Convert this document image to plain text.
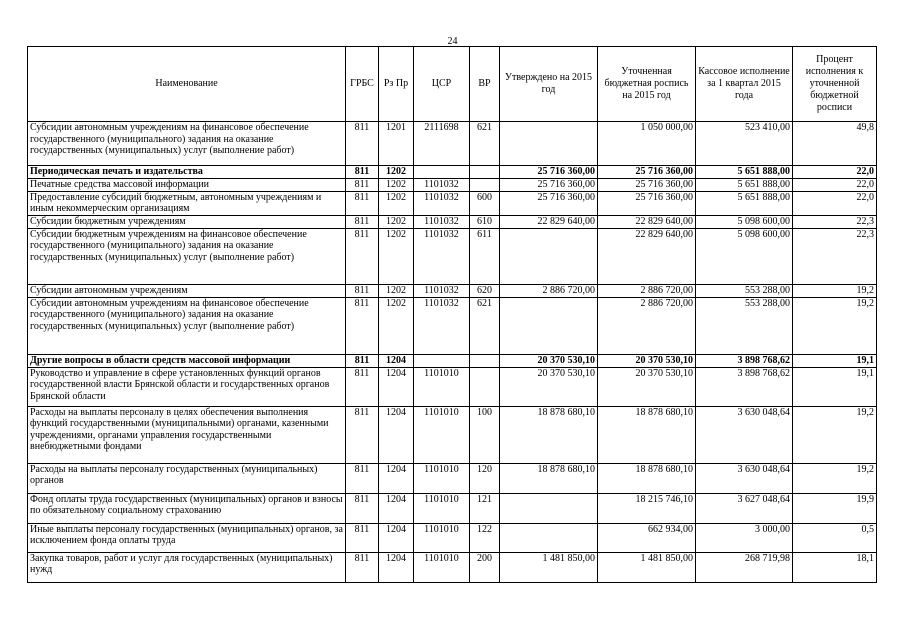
24
Наименование	ГРБС	Рз Пр	ЦСР	ВР	Утверждено на 2015 год	Уточненная бюджетная роспись на 2015 год	Кассовое исполнение за 1 квартал 2015 года	Процент исполнения к уточненной бюджетной росписи
Субсидии автономным учреждениям на финансовое обеспечение государственного (муниципального) задания на оказание государственных (муниципальных) услуг (выполнение работ)	811	1201	2111698	621		1 050 000,00	523 410,00	49,8
Периодическая печать и издательства	811	1202			25 716 360,00	25 716 360,00	5 651 888,00	22,0
Печатные средства массовой информации	811	1202	1101032		25 716 360,00	25 716 360,00	5 651 888,00	22,0
Предоставление субсидий бюджетным, автономным учреждениям и иным некоммерческим организациям	811	1202	1101032	600	25 716 360,00	25 716 360,00	5 651 888,00	22,0
Субсидии бюджетным учреждениям	811	1202	1101032	610	22 829 640,00	22 829 640,00	5 098 600,00	22,3
Субсидии бюджетным учреждениям на финансовое обеспечение государственного (муниципального) задания на оказание государственных (муниципальных) услуг (выполнение работ)	811	1202	1101032	611		22 829 640,00	5 098 600,00	22,3
Субсидии автономным учреждениям	811	1202	1101032	620	2 886 720,00	2 886 720,00	553 288,00	19,2
Субсидии автономным учреждениям на финансовое обеспечение государственного (муниципального) задания на оказание государственных (муниципальных) услуг (выполнение работ)	811	1202	1101032	621		2 886 720,00	553 288,00	19,2
Другие вопросы в области средств массовой информации	811	1204			20 370 530,10	20 370 530,10	3 898 768,62	19,1
Руководство и управление в сфере установленных функций органов государственной власти Брянской области и государственных органов Брянской области	811	1204	1101010		20 370 530,10	20 370 530,10	3 898 768,62	19,1
Расходы на выплаты персоналу в целях обеспечения выполнения функций государственными (муниципальными) органами, казенными учреждениями, органами управления государственными внебюджетными фондами	811	1204	1101010	100	18 878 680,10	18 878 680,10	3 630 048,64	19,2
Расходы на выплаты персоналу государственных (муниципальных) органов	811	1204	1101010	120	18 878 680,10	18 878 680,10	3 630 048,64	19,2
Фонд оплаты труда государственных (муниципальных) органов и взносы по обязательному социальному страхованию	811	1204	1101010	121		18 215 746,10	3 627 048,64	19,9
Иные выплаты персоналу государственных (муниципальных) органов, за исключением фонда оплаты труда	811	1204	1101010	122		662 934,00	3 000,00	0,5
Закупка товаров, работ и услуг для государственных (муниципальных) нужд	811	1204	1101010	200	1 481 850,00	1 481 850,00	268 719,98	18,1
